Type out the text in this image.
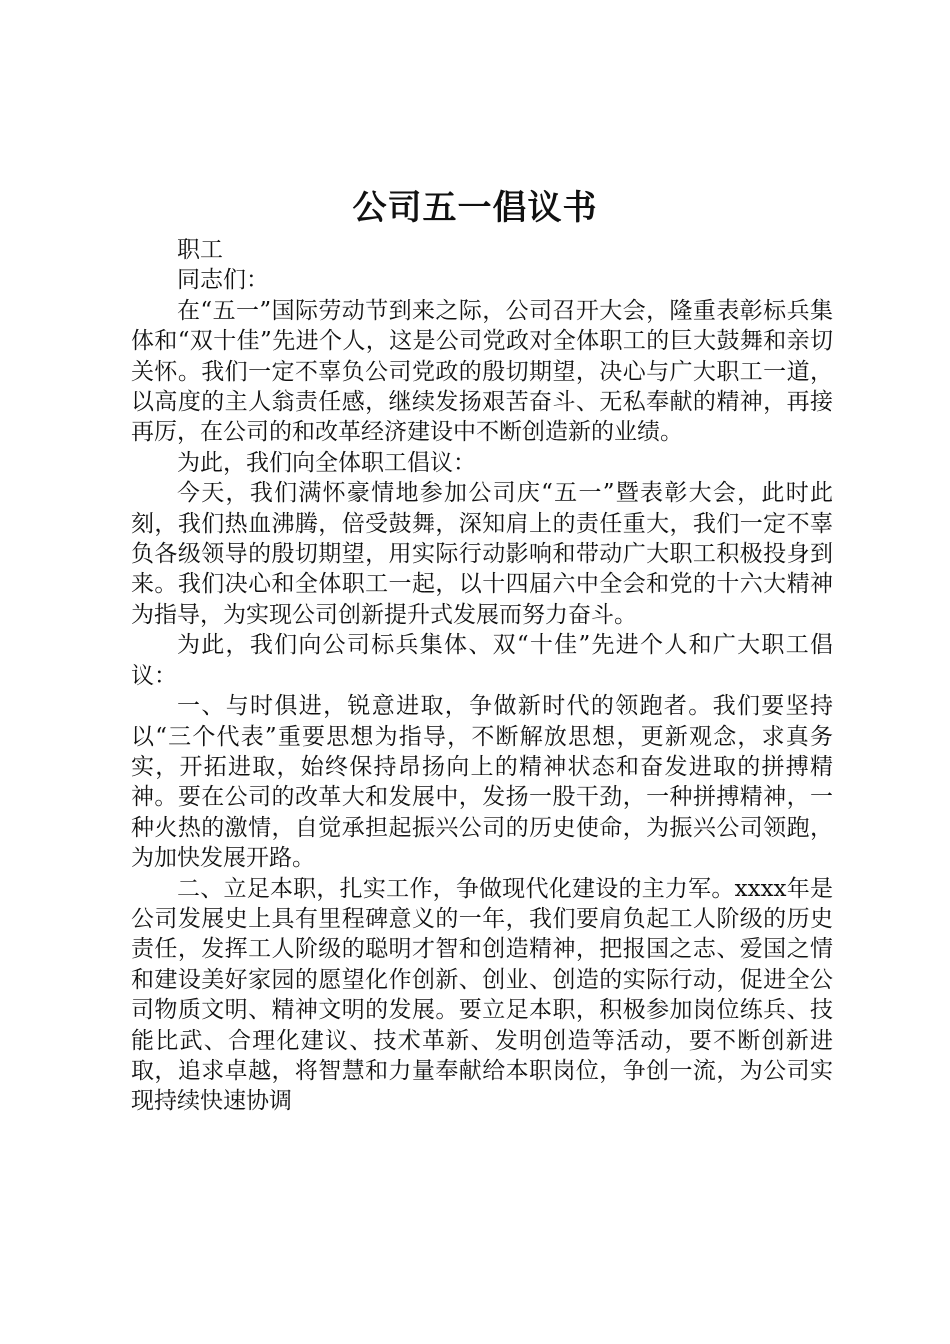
公司五一倡议书

职工

同志们：

在“五一”国际劳动节到来之际，公司召开大会，隆重表彰标兵集体和“双十佳”先进个人，这是公司党政对全体职工的巨大鼓舞和亲切关怀。我们一定不辜负公司党政的殷切期望，决心与广大职工一道，以高度的主人翁责任感，继续发扬艰苦奋斗、无私奉献的精神，再接再厉，在公司的和改革经济建设中不断创造新的业绩。

为此，我们向全体职工倡议：

今天，我们满怀豪情地参加公司庆“五一”暨表彰大会，此时此刻，我们热血沸腾，倍受鼓舞，深知肩上的责任重大，我们一定不辜负各级领导的殷切期望，用实际行动影响和带动广大职工积极投身到来。我们决心和全体职工一起，以十四届六中全会和党的十六大精神为指导，为实现公司创新提升式发展而努力奋斗。

为此，我们向公司标兵集体、双“十佳”先进个人和广大职工倡议：

一、与时俱进，锐意进取，争做新时代的领跑者。我们要坚持以“三个代表”重要思想为指导，不断解放思想，更新观念，求真务实，开拓进取，始终保持昂扬向上的精神状态和奋发进取的拼搏精神。要在公司的改革大和发展中，发扬一股干劲，一种拼搏精神，一种火热的激情，自觉承担起振兴公司的历史使命，为振兴公司领跑，为加快发展开路。

二、立足本职，扎实工作，争做现代化建设的主力军。xxxx年是公司发展史上具有里程碑意义的一年，我们要肩负起工人阶级的历史责任，发挥工人阶级的聪明才智和创造精神，把报国之志、爱国之情和建设美好家园的愿望化作创新、创业、创造的实际行动，促进全公司物质文明、精神文明的发展。要立足本职，积极参加岗位练兵、技能比武、合理化建议、技术革新、发明创造等活动，要不断创新进取，追求卓越，将智慧和力量奉献给本职岗位，争创一流，为公司实现持续快速协调
